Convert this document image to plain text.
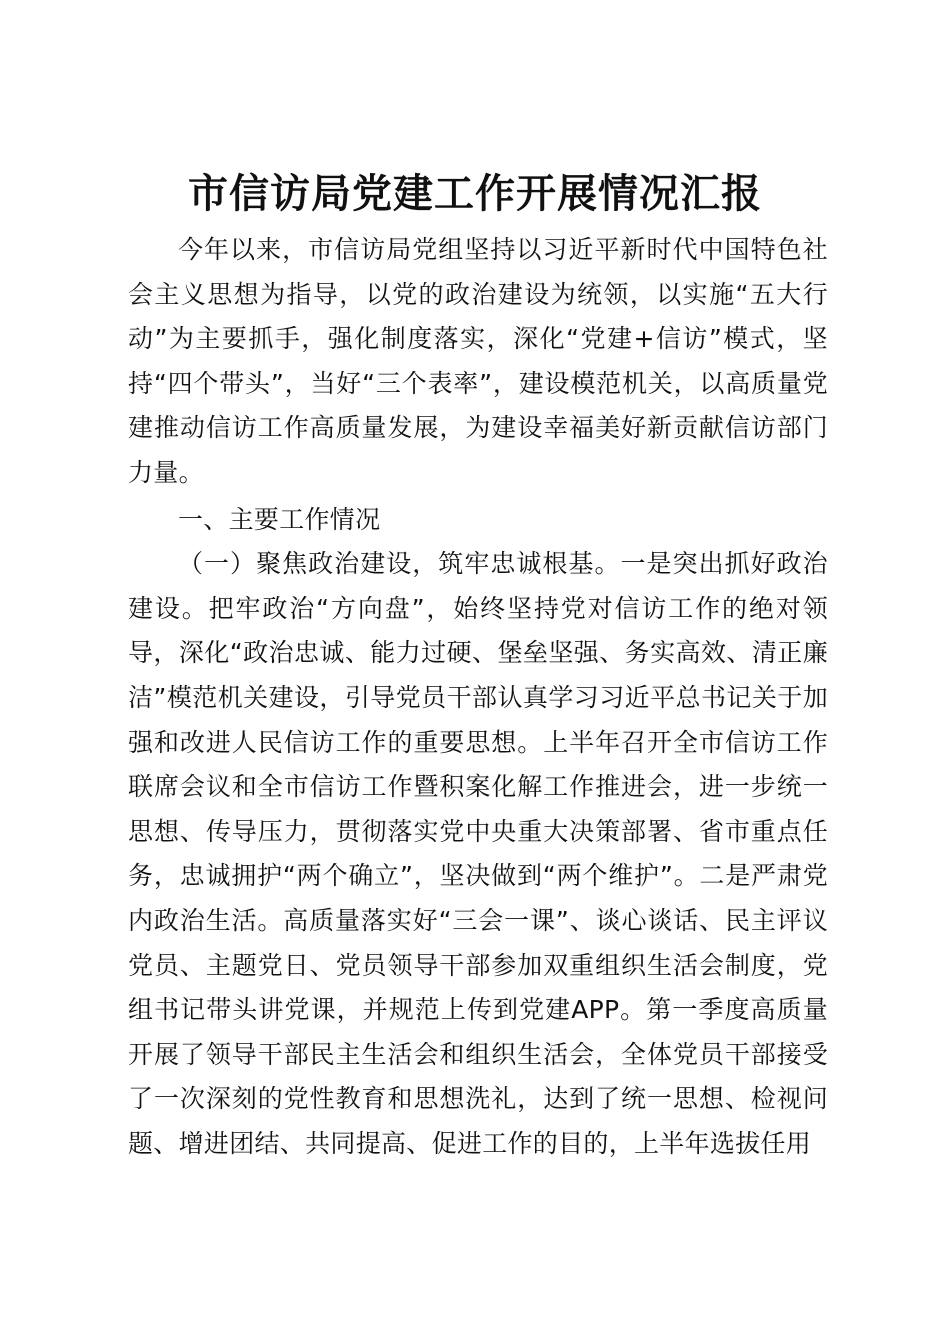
市信访局党建工作开展情况汇报

今年以来，市信访局党组坚持以习近平新时代中国特色社会主义思想为指导，以党的政治建设为统领，以实施“五大行动”为主要抓手，强化制度落实，深化“党建+信访”模式，坚持“四个带头”，当好“三个表率”，建设模范机关，以高质量党建推动信访工作高质量发展，为建设幸福美好新贡献信访部门力量。

一、主要工作情况

（一）聚焦政治建设，筑牢忠诚根基。一是突出抓好政治建设。把牢政治“方向盘”，始终坚持党对信访工作的绝对领导，深化“政治忠诚、能力过硬、堡垒坚强、务实高效、清正廉洁”模范机关建设，引导党员干部认真学习习近平总书记关于加强和改进人民信访工作的重要思想。上半年召开全市信访工作联席会议和全市信访工作暨积案化解工作推进会，进一步统一思想、传导压力，贯彻落实党中央重大决策部署、省市重点任务，忠诚拥护“两个确立”，坚决做到“两个维护”。二是严肃党内政治生活。高质量落实好“三会一课”、谈心谈话、民主评议党员、主题党日、党员领导干部参加双重组织生活会制度，党组书记带头讲党课，并规范上传到党建APP。第一季度高质量开展了领导干部民主生活会和组织生活会，全体党员干部接受了一次深刻的党性教育和思想洗礼，达到了统一思想、检视问题、增进团结、共同提高、促进工作的目的，上半年选拔任用
